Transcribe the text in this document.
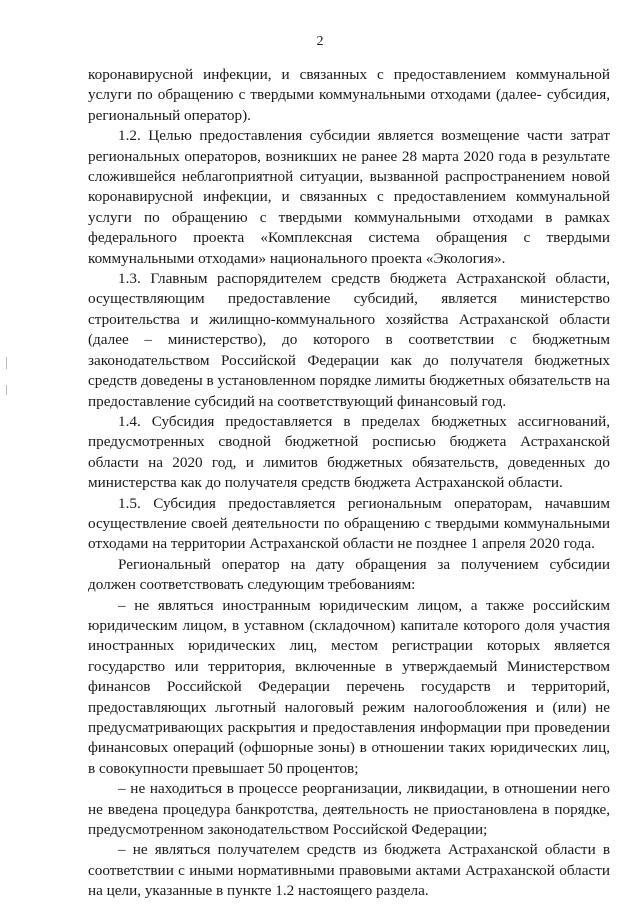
2

коронавирусной инфекции, и связанных с предоставлением коммунальной услуги по обращению с твердыми коммунальными отходами (далее- субсидия, региональный оператор).

1.2. Целью предоставления субсидии является возмещение части затрат региональных операторов, возникших не ранее 28 марта 2020 года в результате сложившейся неблагоприятной ситуации, вызванной распространением новой коронавирусной инфекции, и связанных с предоставлением коммунальной услуги по обращению с твердыми коммунальными отходами в рамках федерального проекта «Комплексная система обращения с твердыми коммунальными отходами» национального проекта «Экология».

1.3. Главным распорядителем средств бюджета Астраханской области, осуществляющим предоставление субсидий, является министерство строительства и жилищно-коммунального хозяйства Астраханской области (далее – министерство), до которого в соответствии с бюджетным законодательством Российской Федерации как до получателя бюджетных средств доведены в установленном порядке лимиты бюджетных обязательств на предоставление субсидий на соответствующий финансовый год.

1.4. Субсидия предоставляется в пределах бюджетных ассигнований, предусмотренных сводной бюджетной росписью бюджета Астраханской области на 2020 год, и лимитов бюджетных обязательств, доведенных до министерства как до получателя средств бюджета Астраханской области.

1.5. Субсидия предоставляется региональным операторам, начавшим осуществление своей деятельности по обращению с твердыми коммунальными отходами на территории Астраханской области не позднее 1 апреля 2020 года.

Региональный оператор на дату обращения за получением субсидии должен соответствовать следующим требованиям:

– не являться иностранным юридическим лицом, а также российским юридическим лицом, в уставном (складочном) капитале которого доля участия иностранных юридических лиц, местом регистрации которых является государство или территория, включенные в утверждаемый Министерством финансов Российской Федерации перечень государств и территорий, предоставляющих льготный налоговый режим налогообложения и (или) не предусматривающих раскрытия и предоставления информации при проведении финансовых операций (офшорные зоны) в отношении таких юридических лиц, в совокупности превышает 50 процентов;

– не находиться в процессе реорганизации, ликвидации, в отношении него не введена процедура банкротства, деятельность не приостановлена в порядке, предусмотренном законодательством Российской Федерации;

– не являться получателем средств из бюджета Астраханской области в соответствии с иными нормативными правовыми актами Астраханской области на цели, указанные в пункте 1.2 настоящего раздела.
